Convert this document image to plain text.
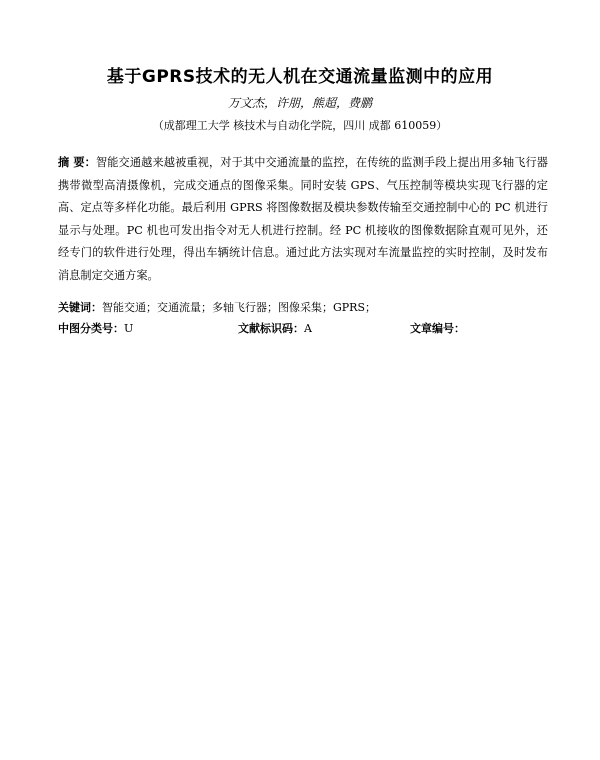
基于GPRS技术的无人机在交通流量监测中的应用
万文杰，许朋，熊超，费鹏
（成都理工大学 核技术与自动化学院，四川 成都 610059）
摘 要：智能交通越来越被重视，对于其中交通流量的监控，在传统的监测手段上提出用多轴飞行器携带微型高清摄像机，完成交通点的图像采集。同时安装 GPS、气压控制等模块实现飞行器的定高、定点等多样化功能。最后利用 GPRS 将图像数据及模块参数传输至交通控制中心的 PC 机进行显示与处理。PC 机也可发出指令对无人机进行控制。经 PC 机接收的图像数据除直观可见外，还经专门的软件进行处理，得出车辆统计信息。通过此方法实现对车流量监控的实时控制，及时发布消息制定交通方案。
关键词：智能交通；交通流量；多轴飞行器；图像采集；GPRS；
中图分类号：U	文献标识码：A	文章编号：
